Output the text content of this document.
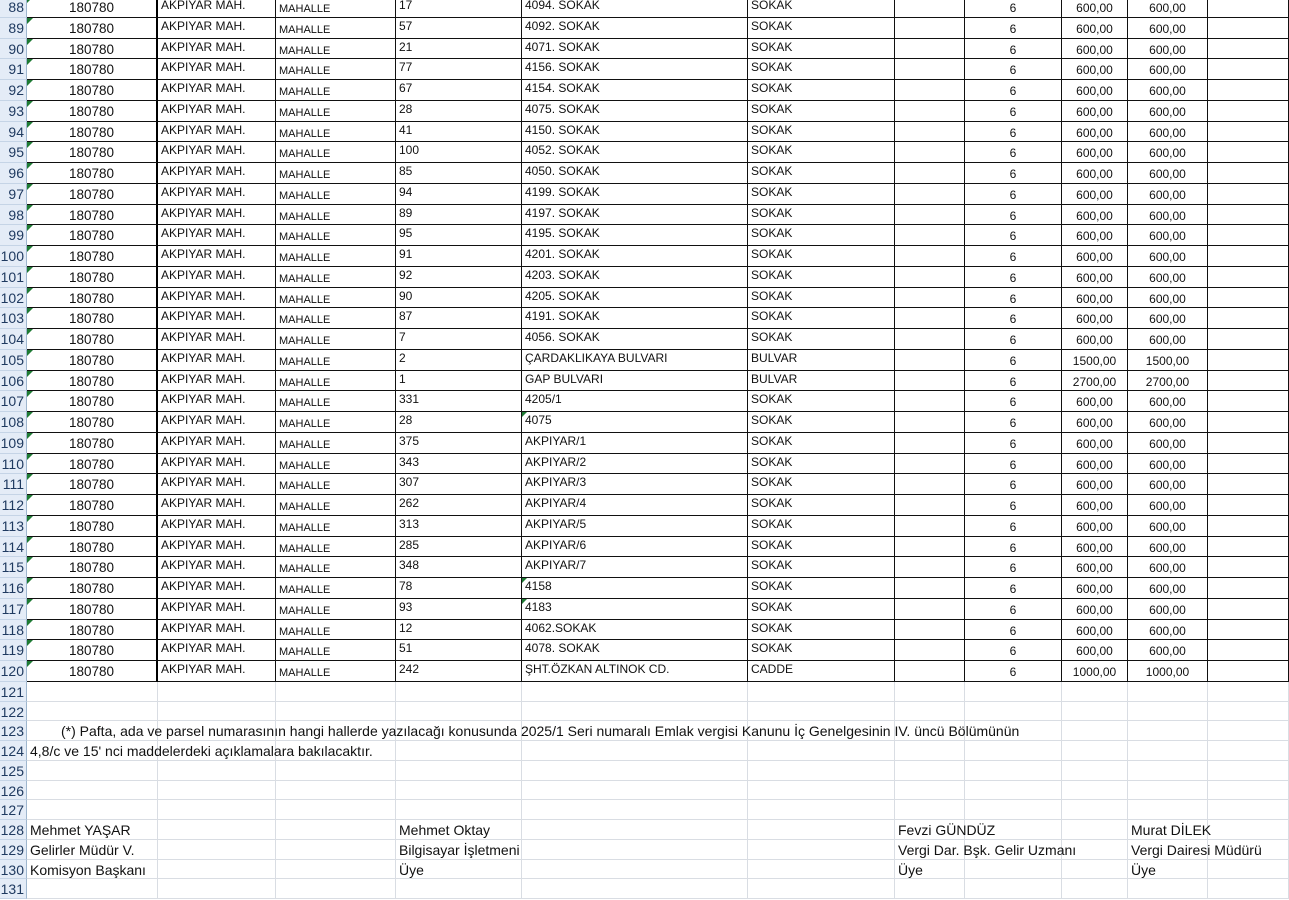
88	180780	AKPIYAR MAH.	MAHALLE	17	4094. SOKAK	SOKAK	6	600,00	600,00
89	180780	AKPIYAR MAH.	MAHALLE	57	4092. SOKAK	SOKAK	6	600,00	600,00
90	180780	AKPIYAR MAH.	MAHALLE	21	4071. SOKAK	SOKAK	6	600,00	600,00
91	180780	AKPIYAR MAH.	MAHALLE	77	4156. SOKAK	SOKAK	6	600,00	600,00
92	180780	AKPIYAR MAH.	MAHALLE	67	4154. SOKAK	SOKAK	6	600,00	600,00
93	180780	AKPIYAR MAH.	MAHALLE	28	4075. SOKAK	SOKAK	6	600,00	600,00
94	180780	AKPIYAR MAH.	MAHALLE	41	4150. SOKAK	SOKAK	6	600,00	600,00
95	180780	AKPIYAR MAH.	MAHALLE	100	4052. SOKAK	SOKAK	6	600,00	600,00
96	180780	AKPIYAR MAH.	MAHALLE	85	4050. SOKAK	SOKAK	6	600,00	600,00
97	180780	AKPIYAR MAH.	MAHALLE	94	4199. SOKAK	SOKAK	6	600,00	600,00
98	180780	AKPIYAR MAH.	MAHALLE	89	4197. SOKAK	SOKAK	6	600,00	600,00
99	180780	AKPIYAR MAH.	MAHALLE	95	4195. SOKAK	SOKAK	6	600,00	600,00
100	180780	AKPIYAR MAH.	MAHALLE	91	4201. SOKAK	SOKAK	6	600,00	600,00
101	180780	AKPIYAR MAH.	MAHALLE	92	4203. SOKAK	SOKAK	6	600,00	600,00
102	180780	AKPIYAR MAH.	MAHALLE	90	4205. SOKAK	SOKAK	6	600,00	600,00
103	180780	AKPIYAR MAH.	MAHALLE	87	4191. SOKAK	SOKAK	6	600,00	600,00
104	180780	AKPIYAR MAH.	MAHALLE	7	4056. SOKAK	SOKAK	6	600,00	600,00
105	180780	AKPIYAR MAH.	MAHALLE	2	ÇARDAKLIKAYA BULVARI	BULVAR	6	1500,00	1500,00
106	180780	AKPIYAR MAH.	MAHALLE	1	GAP BULVARI	BULVAR	6	2700,00	2700,00
107	180780	AKPIYAR MAH.	MAHALLE	331	4205/1	SOKAK	6	600,00	600,00
108	180780	AKPIYAR MAH.	MAHALLE	28	4075	SOKAK	6	600,00	600,00
109	180780	AKPIYAR MAH.	MAHALLE	375	AKPIYAR/1	SOKAK	6	600,00	600,00
110	180780	AKPIYAR MAH.	MAHALLE	343	AKPIYAR/2	SOKAK	6	600,00	600,00
111	180780	AKPIYAR MAH.	MAHALLE	307	AKPIYAR/3	SOKAK	6	600,00	600,00
112	180780	AKPIYAR MAH.	MAHALLE	262	AKPIYAR/4	SOKAK	6	600,00	600,00
113	180780	AKPIYAR MAH.	MAHALLE	313	AKPIYAR/5	SOKAK	6	600,00	600,00
114	180780	AKPIYAR MAH.	MAHALLE	285	AKPIYAR/6	SOKAK	6	600,00	600,00
115	180780	AKPIYAR MAH.	MAHALLE	348	AKPIYAR/7	SOKAK	6	600,00	600,00
116	180780	AKPIYAR MAH.	MAHALLE	78	4158	SOKAK	6	600,00	600,00
117	180780	AKPIYAR MAH.	MAHALLE	93	4183	SOKAK	6	600,00	600,00
118	180780	AKPIYAR MAH.	MAHALLE	12	4062.SOKAK	SOKAK	6	600,00	600,00
119	180780	AKPIYAR MAH.	MAHALLE	51	4078. SOKAK	SOKAK	6	600,00	600,00
120	180780	AKPIYAR MAH.	MAHALLE	242	ŞHT.ÖZKAN ALTINOK CD.	CADDE	6	1000,00	1000,00
121
122
123	(*) Pafta, ada ve parsel numarasının hangi hallerde yazılacağı konusunda 2025/1 Seri numaralı Emlak vergisi Kanunu İç Genelgesinin IV. üncü Bölümünün
124 4,8/c ve 15' nci maddelerdeki açıklamalara bakılacaktır.
125
126
127
128 Mehmet YAŞAR	Mehmet Oktay	Fevzi GÜNDÜZ	Murat DİLEK
129 Gelirler Müdür V.	Bilgisayar İşletmeni	Vergi Dar. Bşk. Gelir Uzmanı	Vergi Dairesi Müdürü
130 Komisyon Başkanı	Üye	Üye	Üye
131
